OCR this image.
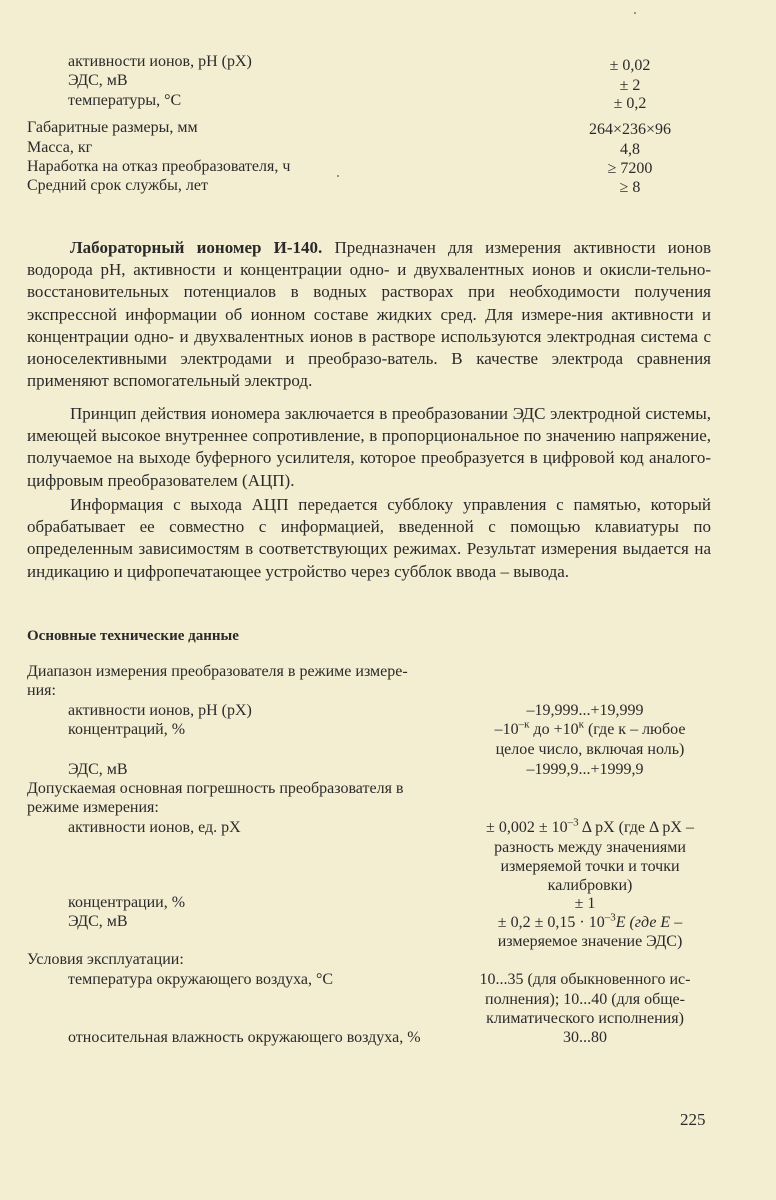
активности ионов, pH (pX)	± 0,02
ЭДС, мВ	± 2
температуры, °С	± 0,2
Габаритные размеры, мм	264×236×96
Масса, кг	4,8
Наработка на отказ преобразователя, ч	≥ 7200
Средний срок службы, лет	≥ 8
Лабораторный иономер И-140. Предназначен для измерения активности ионов водорода pH, активности и концентрации одно- и двухвалентных ионов и окисли-тельно-восстановительных потенциалов в водных растворах при необходимости получения экспрессной информации об ионном составе жидких сред. Для измере-ния активности и концентрации одно- и двухвалентных ионов в растворе используются электродная система с ионоселективными электродами и преобразо-ватель. В качестве электрода сравнения применяют вспомогательный электрод.
Принцип действия иономера заключается в преобразовании ЭДС электродной системы, имеющей высокое внутреннее сопротивление, в пропорциональное по значению напряжение, получаемое на выходе буферного усилителя, которое преобразуется в цифровой код аналого-цифровым преобразователем (АЦП).
Информация с выхода АЦП передается субблоку управления с памятью, который обрабатывает ее совместно с информацией, введенной с помощью клавиатуры по определенным зависимостям в соответствующих режимах. Результат измерения выдается на индикацию и цифропечатающее устройство через субблок ввода – вывода.
Основные технические данные
Диапазон измерения преобразователя в режиме измере-
ния:
активности ионов, pH (pX)	–19,999...+19,999
концентраций, %	$-10^{-к}$ до $+10^к$ (где к – любое
целое число, включая ноль)
ЭДС, мВ	–1999,9...+1999,9
Допускаемая основная погрешность преобразователя в
режиме измерения:
активности ионов, ед. pX	± $0,002 \pm 10^{-3}$ Δ pX (где Δ pX –
разность между значениями
измеряемой точки и точки
калибровки)
концентрации, %	± 1
ЭДС, мВ	± $0,2 \pm 0,15 \cdot 10^{-3}E$ (где E –
измеряемое значение ЭДС)
Условия эксплуатации:
температура окружающего воздуха, °С	10...35 (для обыкновенного ис-
полнения); 10...40 (для обще-
климатического исполнения)
относительная влажность окружающего воздуха, %	30...80
225
